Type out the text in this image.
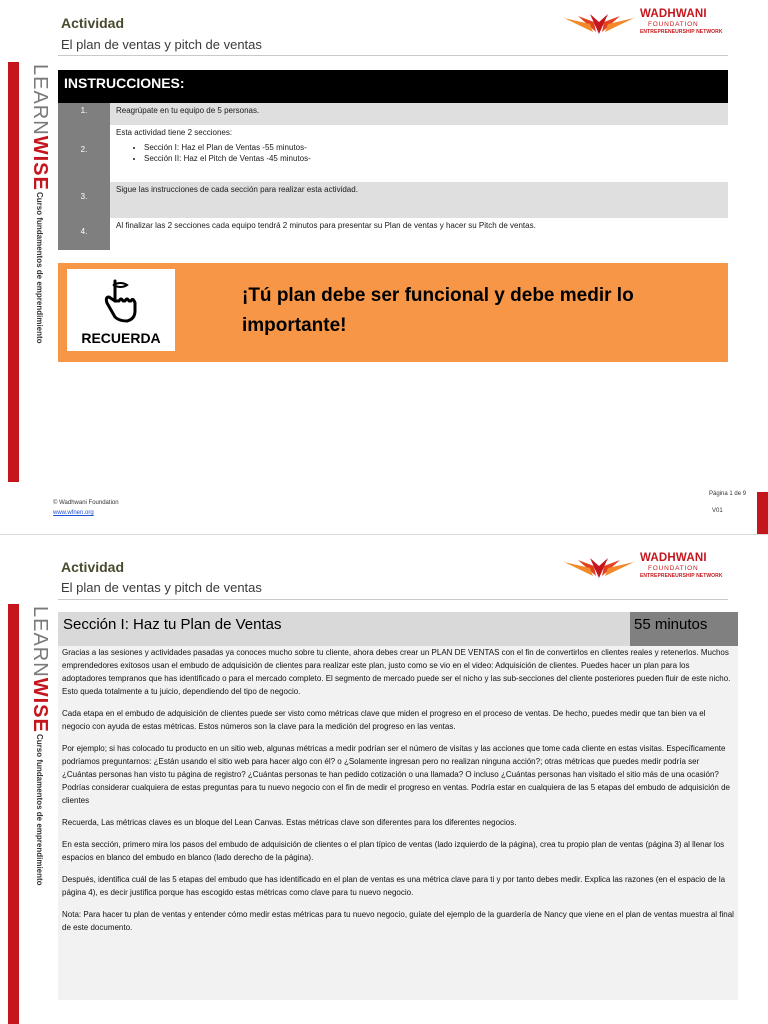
Actividad
El plan de ventas y pitch de ventas
WADHWANI
FOUNDATION
ENTREPRENEURSHIP NETWORK
LEARNWISE
Curso fundamentos de emprendimiento
INSTRUCCIONES:
1.	Reagrúpate en tu equipo de 5 personas.
2.
Esta actividad tiene 2 secciones:
• Sección I: Haz el Plan de Ventas -55 minutos-
• Sección II: Haz el Pitch de Ventas -45 minutos-
3.
Sigue las instrucciones de cada sección para realizar esta actividad.
4.
Al finalizar las 2 secciones cada equipo tendrá 2 minutos para presentar su Plan de ventas y hacer su Pitch de ventas.
RECUERDA
¡Tú plan debe ser funcional y debe medir lo importante!
© Wadhwani Foundation
www.wfnen.org
Página 1 de 9
V01
Actividad
El plan de ventas y pitch de ventas
WADHWANI
FOUNDATION
ENTREPRENEURSHIP NETWORK
LEARNWISE
Curso fundamentos de emprendimiento
Sección I: Haz tu Plan de Ventas	55 minutos

Gracias a las sesiones y actividades pasadas ya conoces mucho sobre tu cliente, ahora debes crear un PLAN DE VENTAS con el fin de convertirlos en clientes reales y retenerlos. Muchos emprendedores exitosos usan el embudo de adquisición de clientes para realizar este plan, justo como se vio en el video: Adquisición de clientes. Puedes hacer un plan para los adoptadores tempranos que has identificado o para el mercado completo. El segmento de mercado puede ser el nicho y las sub-secciones del cliente posteriores pueden fluir de este nicho. Esto queda totalmente a tu juicio, dependiendo del tipo de negocio.

Cada etapa en el embudo de adquisición de clientes puede ser visto como métricas clave que miden el progreso en el proceso de ventas. De hecho, puedes medir que tan bien va el negocio con ayuda de estas métricas. Estos números son la clave para la medición del progreso en las ventas.

Por ejemplo; si has colocado tu producto en un sitio web, algunas métricas a medir podrían ser el número de visitas y las acciones que tome cada cliente en estas visitas. Específicamente podríamos preguntarnos: ¿Están usando el sitio web para hacer algo con él? o ¿Solamente ingresan pero no realizan ninguna acción?; otras métricas que puedes medir podría ser ¿Cuántas personas han visto tu página de registro? ¿Cuántas personas te han pedido cotización o una llamada? O incluso ¿Cuántas personas han visitado el sitio más de una ocasión? Podrías considerar cualquiera de estas preguntas para tu nuevo negocio con el fin de medir el progreso en ventas. Podría estar en cualquiera de las 5 etapas del embudo de adquisición de clientes

Recuerda, Las métricas claves es un bloque del Lean Canvas. Estas métricas clave son diferentes para los diferentes negocios.

En esta sección, primero mira los pasos del embudo de adquisición de clientes o el plan típico de ventas (lado izquierdo de la página), crea tu propio plan de ventas (página 3) al llenar los espacios en blanco del embudo en blanco (lado derecho de la página).

Después, identifica cuál de las 5 etapas del embudo que has identificado en el plan de ventas es una métrica clave para ti y por tanto debes medir. Explica las razones (en el espacio de la página 4), es decir justifica porque has escogido estas métricas como clave para tu nuevo negocio.

Nota: Para hacer tu plan de ventas y entender cómo medir estas métricas para tu nuevo negocio, guíate del ejemplo de la guardería de Nancy que viene en el plan de ventas muestra al final de este documento.
